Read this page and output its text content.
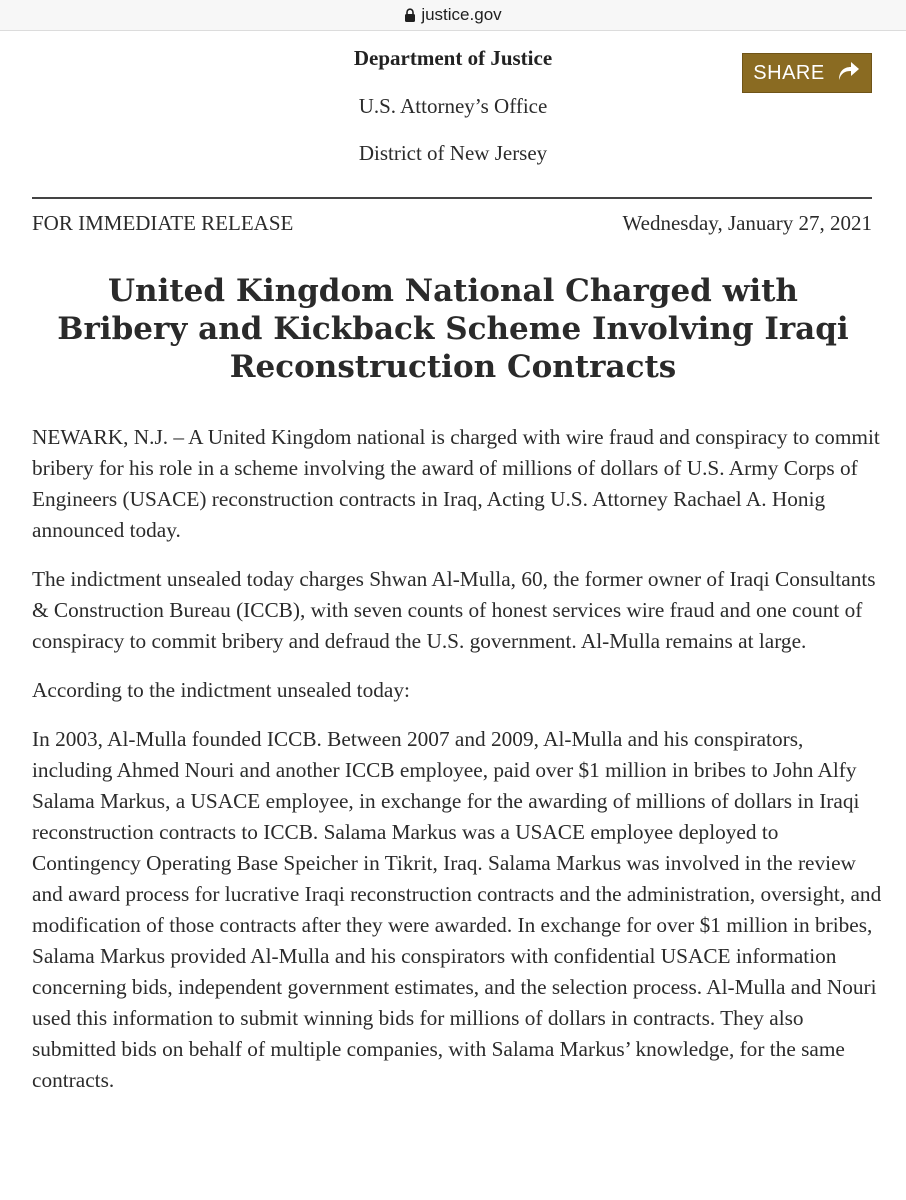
justice.gov
Department of Justice
U.S. Attorney’s Office
District of New Jersey
SHARE
FOR IMMEDIATE RELEASE	Wednesday, January 27, 2021
United Kingdom National Charged with Bribery and Kickback Scheme Involving Iraqi Reconstruction Contracts

NEWARK, N.J. – A United Kingdom national is charged with wire fraud and conspiracy to commit bribery for his role in a scheme involving the award of millions of dollars of U.S. Army Corps of Engineers (USACE) reconstruction contracts in Iraq, Acting U.S. Attorney Rachael A. Honig announced today.

The indictment unsealed today charges Shwan Al-Mulla, 60, the former owner of Iraqi Consultants & Construction Bureau (ICCB), with seven counts of honest services wire fraud and one count of conspiracy to commit bribery and defraud the U.S. government. Al-Mulla remains at large.

According to the indictment unsealed today:

In 2003, Al-Mulla founded ICCB. Between 2007 and 2009, Al-Mulla and his conspirators, including Ahmed Nouri and another ICCB employee, paid over $1 million in bribes to John Alfy Salama Markus, a USACE employee, in exchange for the awarding of millions of dollars in Iraqi reconstruction contracts to ICCB. Salama Markus was a USACE employee deployed to Contingency Operating Base Speicher in Tikrit, Iraq. Salama Markus was involved in the review and award process for lucrative Iraqi reconstruction contracts and the administration, oversight, and modification of those contracts after they were awarded. In exchange for over $1 million in bribes, Salama Markus provided Al-Mulla and his conspirators with confidential USACE information concerning bids, independent government estimates, and the selection process. Al-Mulla and Nouri used this information to submit winning bids for millions of dollars in contracts. They also submitted bids on behalf of multiple companies, with Salama Markus’ knowledge, for the same contracts.
